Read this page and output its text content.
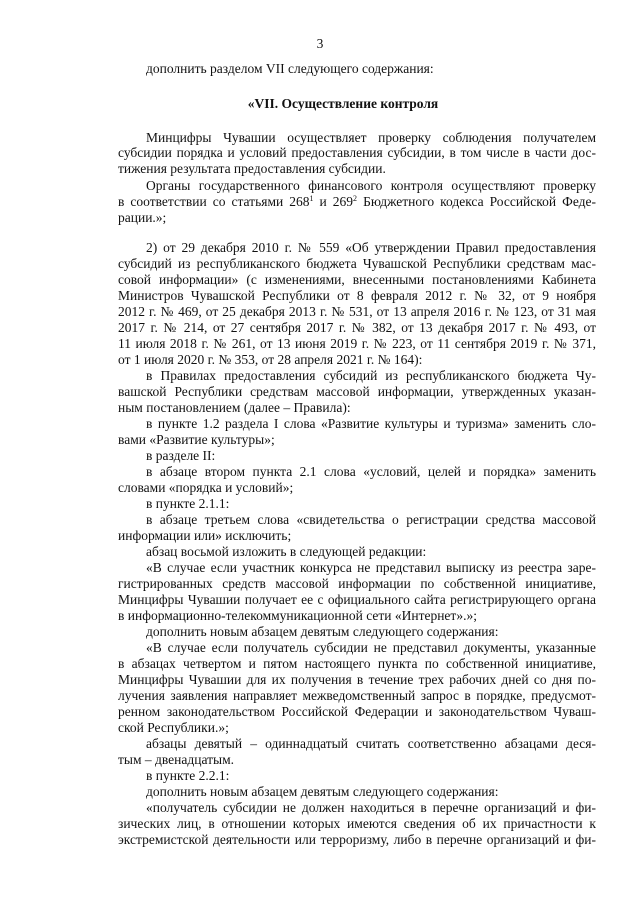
3
дополнить разделом VII следующего содержания:
«VII. Осуществление контроля
Минцифры Чувашии осуществляет проверку соблюдения получателем
субсидии порядка и условий предоставления субсидии, в том числе в части дос-
тижения результата предоставления субсидии.
Органы государственного финансового контроля осуществляют проверку
в соответствии со статьями $268^1$ и $269^2$ Бюджетного кодекса Российской Феде-
рации.»;
2) от 29 декабря 2010 г. № 559 «Об утверждении Правил предоставления
субсидий из республиканского бюджета Чувашской Республики средствам мас-
совой информации» (с изменениями, внесенными постановлениями Кабинета
Министров Чувашской Республики от 8 февраля 2012 г. № 32, от 9 ноября
2012 г. № 469, от 25 декабря 2013 г. № 531, от 13 апреля 2016 г. № 123, от 31 мая
2017 г. № 214, от 27 сентября 2017 г. № 382, от 13 декабря 2017 г. № 493, от
11 июля 2018 г. № 261, от 13 июня 2019 г. № 223, от 11 сентября 2019 г. № 371,
от 1 июля 2020 г. № 353, от 28 апреля 2021 г. № 164):
в Правилах предоставления субсидий из республиканского бюджета Чу-
вашской Республики средствам массовой информации, утвержденных указан-
ным постановлением (далее – Правила):
в пункте 1.2 раздела I слова «Развитие культуры и туризма» заменить сло-
вами «Развитие культуры»;
в разделе II:
в абзаце втором пункта 2.1 слова «условий, целей и порядка» заменить
словами «порядка и условий»;
в пункте 2.1.1:
в абзаце третьем слова «свидетельства о регистрации средства массовой
информации или» исключить;
абзац восьмой изложить в следующей редакции:
«В случае если участник конкурса не представил выписку из реестра заре-
гистрированных средств массовой информации по собственной инициативе,
Минцифры Чувашии получает ее с официального сайта регистрирующего органа
в информационно-телекоммуникационной сети «Интернет».»;
дополнить новым абзацем девятым следующего содержания:
«В случае если получатель субсидии не представил документы, указанные
в абзацах четвертом и пятом настоящего пункта по собственной инициативе,
Минцифры Чувашии для их получения в течение трех рабочих дней со дня по-
лучения заявления направляет межведомственный запрос в порядке, предусмот-
ренном законодательством Российской Федерации и законодательством Чуваш-
ской Республики.»;
абзацы девятый – одиннадцатый считать соответственно абзацами деся-
тым – двенадцатым.
в пункте 2.2.1:
дополнить новым абзацем девятым следующего содержания:
«получатель субсидии не должен находиться в перечне организаций и фи-
зических лиц, в отношении которых имеются сведения об их причастности к
экстремистской деятельности или терроризму, либо в перечне организаций и фи-
